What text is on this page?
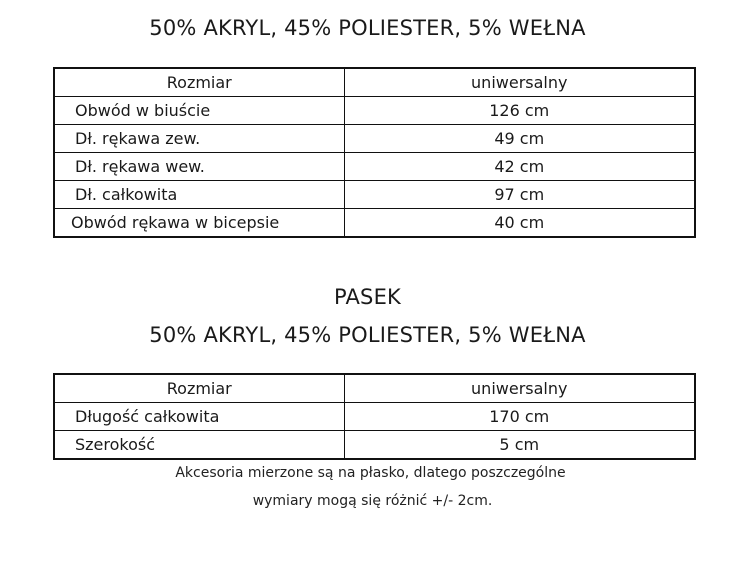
50% AKRYL, 45% POLIESTER, 5% WEŁNA
Rozmiar	uniwersalny
Obwód w biuście	126 cm
Dł. rękawa zew.	49 cm
Dł. rękawa wew.	42 cm
Dł. całkowita	97 cm
Obwód rękawa w bicepsie	40 cm
PASEK
50% AKRYL, 45% POLIESTER, 5% WEŁNA
Rozmiar	uniwersalny
Długość całkowita	170 cm
Szerokość	5 cm
Akcesoria mierzone są na płasko, dlatego poszczególne
wymiary mogą się różnić +/- 2cm.
